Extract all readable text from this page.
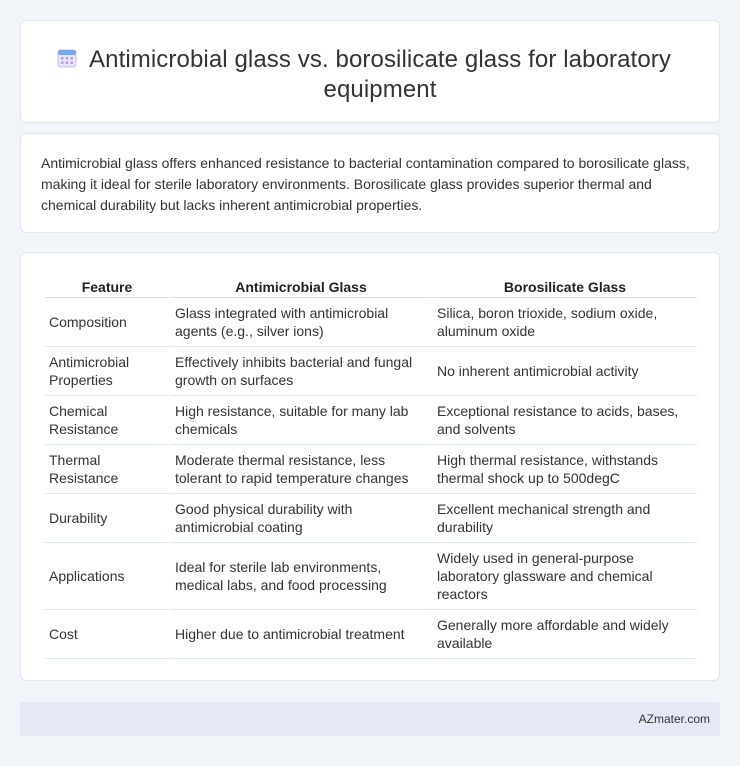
Antimicrobial glass vs. borosilicate glass for laboratory equipment

Antimicrobial glass offers enhanced resistance to bacterial contamination compared to borosilicate glass, making it ideal for sterile laboratory environments. Borosilicate glass provides superior thermal and chemical durability but lacks inherent antimicrobial properties.

Feature	Antimicrobial Glass	Borosilicate Glass
Composition	Glass integrated with antimicrobial agents (e.g., silver ions)	Silica, boron trioxide, sodium oxide, aluminum oxide
Antimicrobial Properties	Effectively inhibits bacterial and fungal growth on surfaces	No inherent antimicrobial activity
Chemical Resistance	High resistance, suitable for many lab chemicals	Exceptional resistance to acids, bases, and solvents
Thermal Resistance	Moderate thermal resistance, less tolerant to rapid temperature changes	High thermal resistance, withstands thermal shock up to 500degC
Durability	Good physical durability with antimicrobial coating	Excellent mechanical strength and durability
Applications	Ideal for sterile lab environments, medical labs, and food processing	Widely used in general-purpose laboratory glassware and chemical reactors
Cost	Higher due to antimicrobial treatment	Generally more affordable and widely available
AZmater.com
